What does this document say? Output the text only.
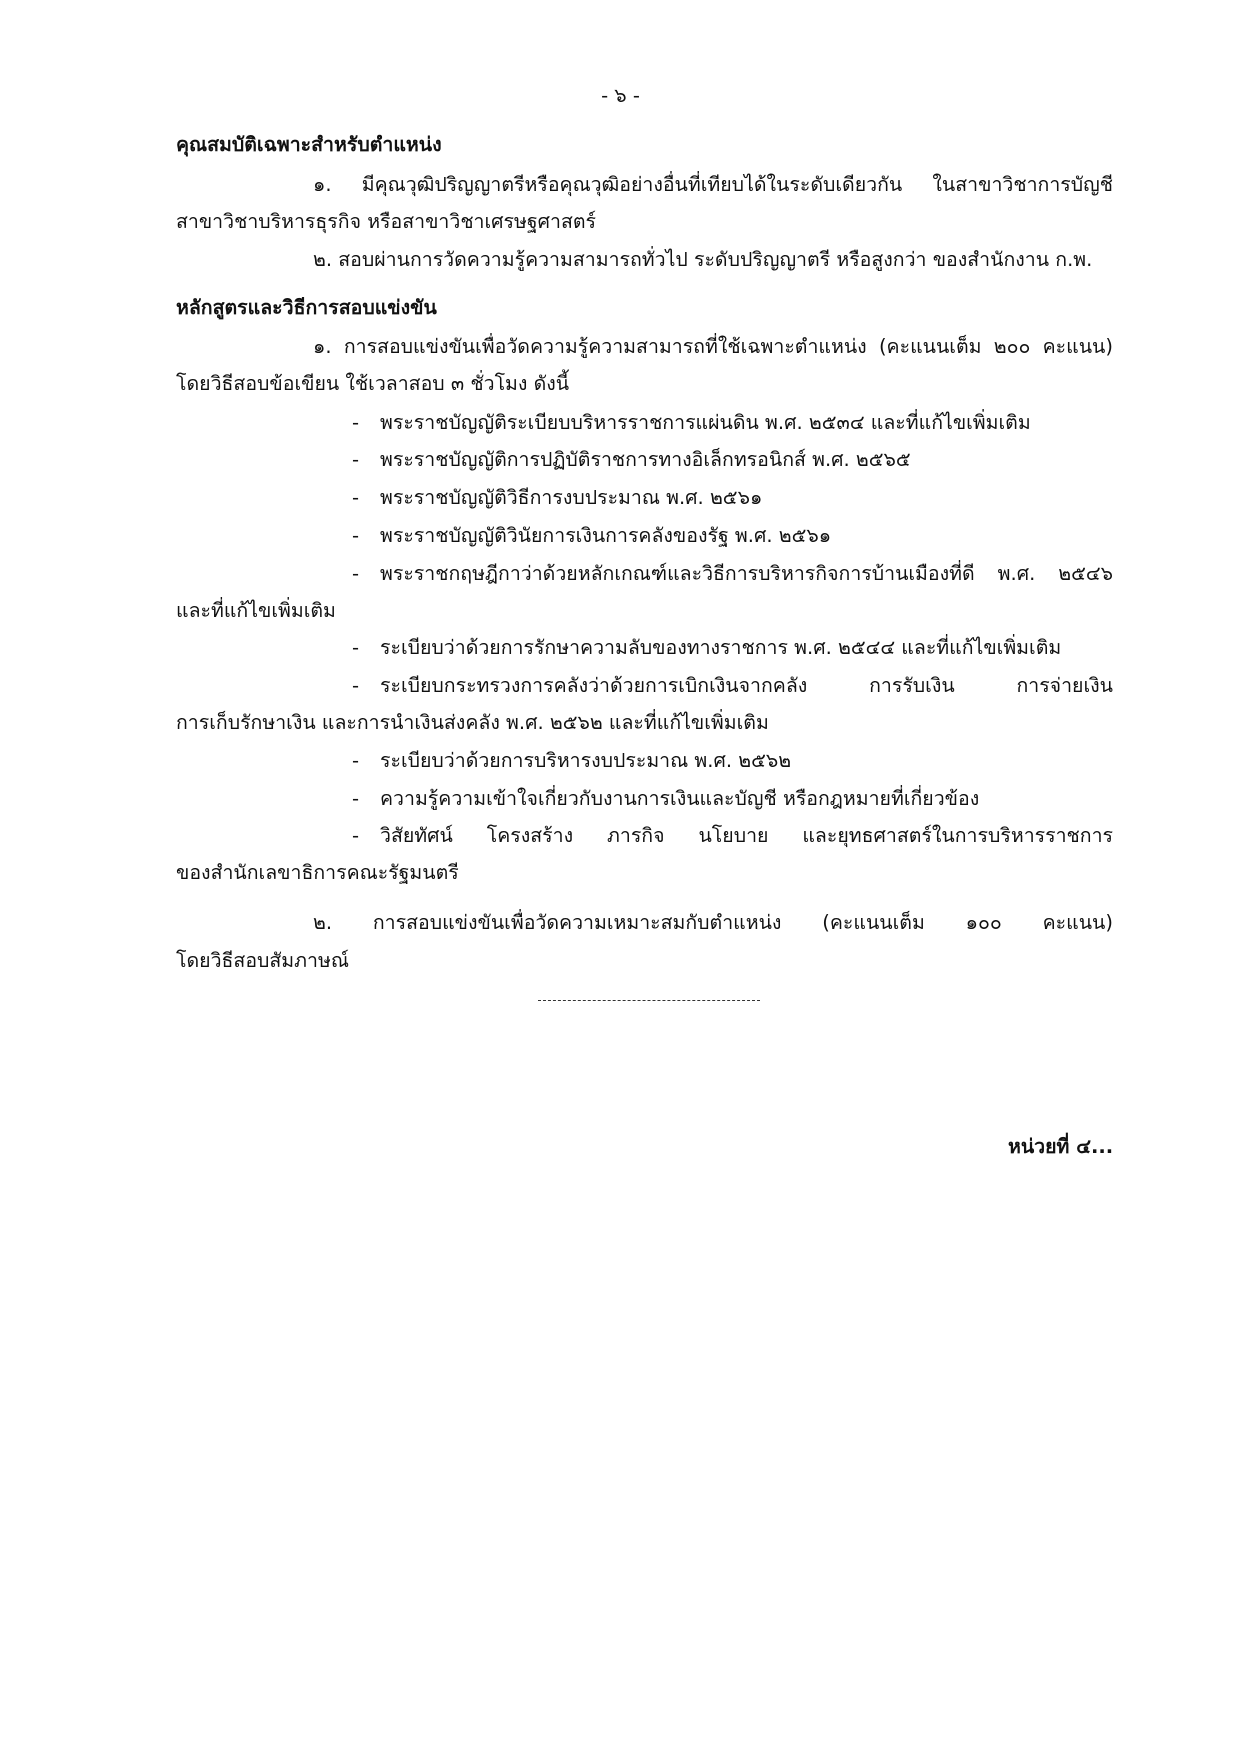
- ๖ -
คุณสมบัติเฉพาะสำหรับตำแหน่ง
๑. มีคุณวุฒิปริญญาตรีหรือคุณวุฒิอย่างอื่นที่เทียบได้ในระดับเดียวกัน ในสาขาวิชาการบัญชี
สาขาวิชาบริหารธุรกิจ หรือสาขาวิชาเศรษฐศาสตร์
๒. สอบผ่านการวัดความรู้ความสามารถทั่วไป ระดับปริญญาตรี หรือสูงกว่า ของสำนักงาน ก.พ.
หลักสูตรและวิธีการสอบแข่งขัน
๑. การสอบแข่งขันเพื่อวัดความรู้ความสามารถที่ใช้เฉพาะตำแหน่ง (คะแนนเต็ม ๒๐๐ คะแนน)
โดยวิธีสอบข้อเขียน ใช้เวลาสอบ ๓ ชั่วโมง ดังนี้
- พระราชบัญญัติระเบียบบริหารราชการแผ่นดิน พ.ศ. ๒๕๓๔ และที่แก้ไขเพิ่มเติม
- พระราชบัญญัติการปฏิบัติราชการทางอิเล็กทรอนิกส์ พ.ศ. ๒๕๖๕
- พระราชบัญญัติวิธีการงบประมาณ พ.ศ. ๒๕๖๑
- พระราชบัญญัติวินัยการเงินการคลังของรัฐ พ.ศ. ๒๕๖๑
- พระราชกฤษฎีกาว่าด้วยหลักเกณฑ์และวิธีการบริหารกิจการบ้านเมืองที่ดี พ.ศ. ๒๕๔๖
และที่แก้ไขเพิ่มเติม
- ระเบียบว่าด้วยการรักษาความลับของทางราชการ พ.ศ. ๒๕๔๔ และที่แก้ไขเพิ่มเติม
- ระเบียบกระทรวงการคลังว่าด้วยการเบิกเงินจากคลัง การรับเงิน การจ่ายเงิน
การเก็บรักษาเงิน และการนำเงินส่งคลัง พ.ศ. ๒๕๖๒ และที่แก้ไขเพิ่มเติม
- ระเบียบว่าด้วยการบริหารงบประมาณ พ.ศ. ๒๕๖๒
- ความรู้ความเข้าใจเกี่ยวกับงานการเงินและบัญชี หรือกฎหมายที่เกี่ยวข้อง
- วิสัยทัศน์ โครงสร้าง ภารกิจ นโยบาย และยุทธศาสตร์ในการบริหารราชการ
ของสำนักเลขาธิการคณะรัฐมนตรี
๒. การสอบแข่งขันเพื่อวัดความเหมาะสมกับตำแหน่ง (คะแนนเต็ม ๑๐๐ คะแนน)
โดยวิธีสอบสัมภาษณ์
หน่วยที่ ๔...
